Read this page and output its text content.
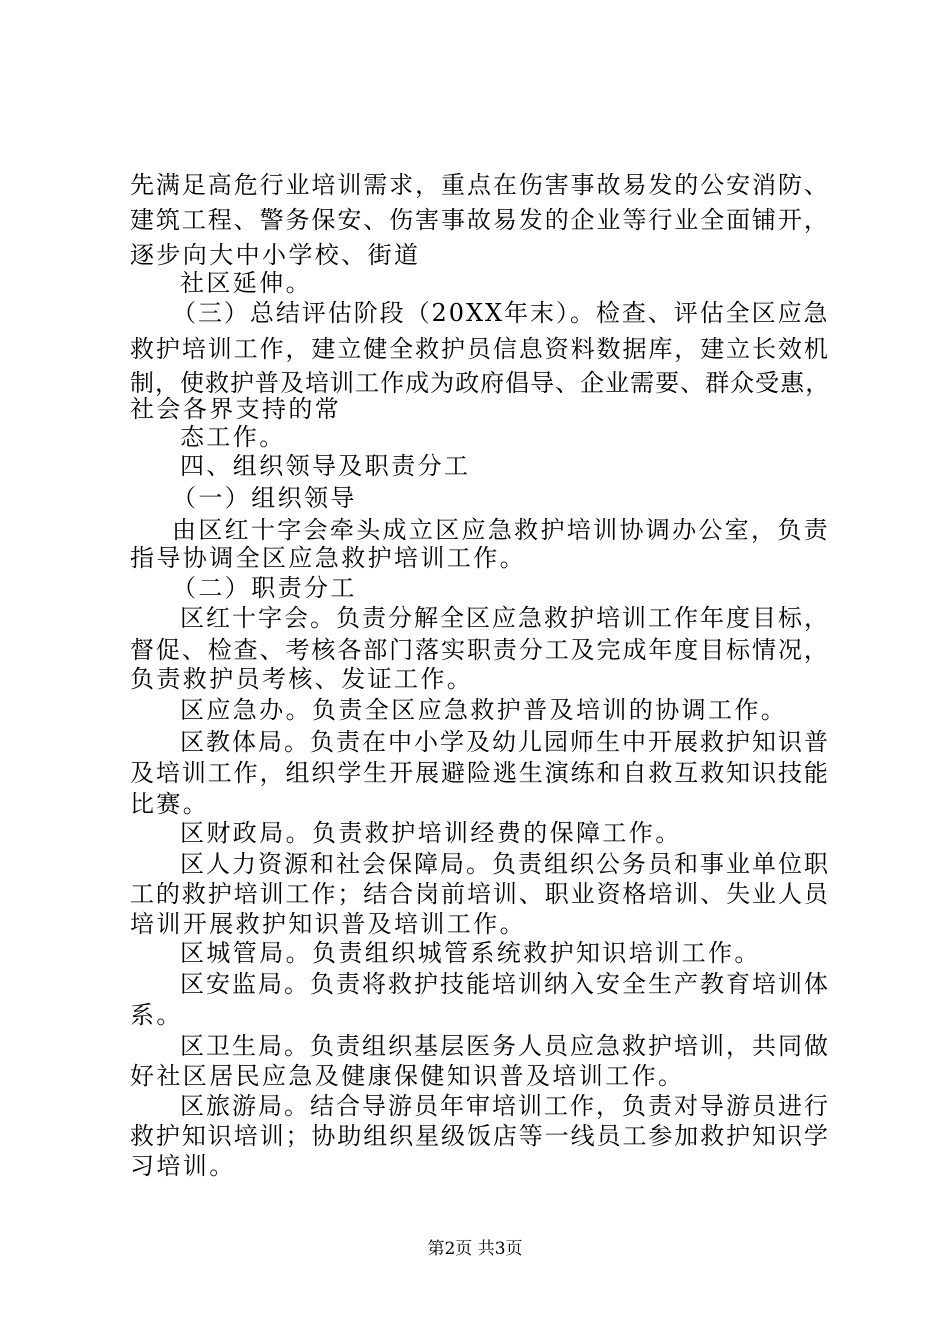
先满足高危行业培训需求，重点在伤害事故易发的公安消防、
建筑工程、警务保安、伤害事故易发的企业等行业全面铺开，
逐步向大中小学校、街道
社区延伸。
（三）总结评估阶段（20XX年末）。检查、评估全区应急
救护培训工作，建立健全救护员信息资料数据库，建立长效机
制，使救护普及培训工作成为政府倡导、企业需要、群众受惠，
社会各界支持的常
态工作。
四、组织领导及职责分工
（一）组织领导
由区红十字会牵头成立区应急救护培训协调办公室，负责
指导协调全区应急救护培训工作。
（二）职责分工
区红十字会。负责分解全区应急救护培训工作年度目标，
督促、检查、考核各部门落实职责分工及完成年度目标情况，
负责救护员考核、发证工作。
区应急办。负责全区应急救护普及培训的协调工作。
区教体局。负责在中小学及幼儿园师生中开展救护知识普
及培训工作，组织学生开展避险逃生演练和自救互救知识技能
比赛。
区财政局。负责救护培训经费的保障工作。
区人力资源和社会保障局。负责组织公务员和事业单位职
工的救护培训工作；结合岗前培训、职业资格培训、失业人员
培训开展救护知识普及培训工作。
区城管局。负责组织城管系统救护知识培训工作。
区安监局。负责将救护技能培训纳入安全生产教育培训体
系。
区卫生局。负责组织基层医务人员应急救护培训，共同做
好社区居民应急及健康保健知识普及培训工作。
区旅游局。结合导游员年审培训工作，负责对导游员进行
救护知识培训；协助组织星级饭店等一线员工参加救护知识学
习培训。
第2页 共3页
